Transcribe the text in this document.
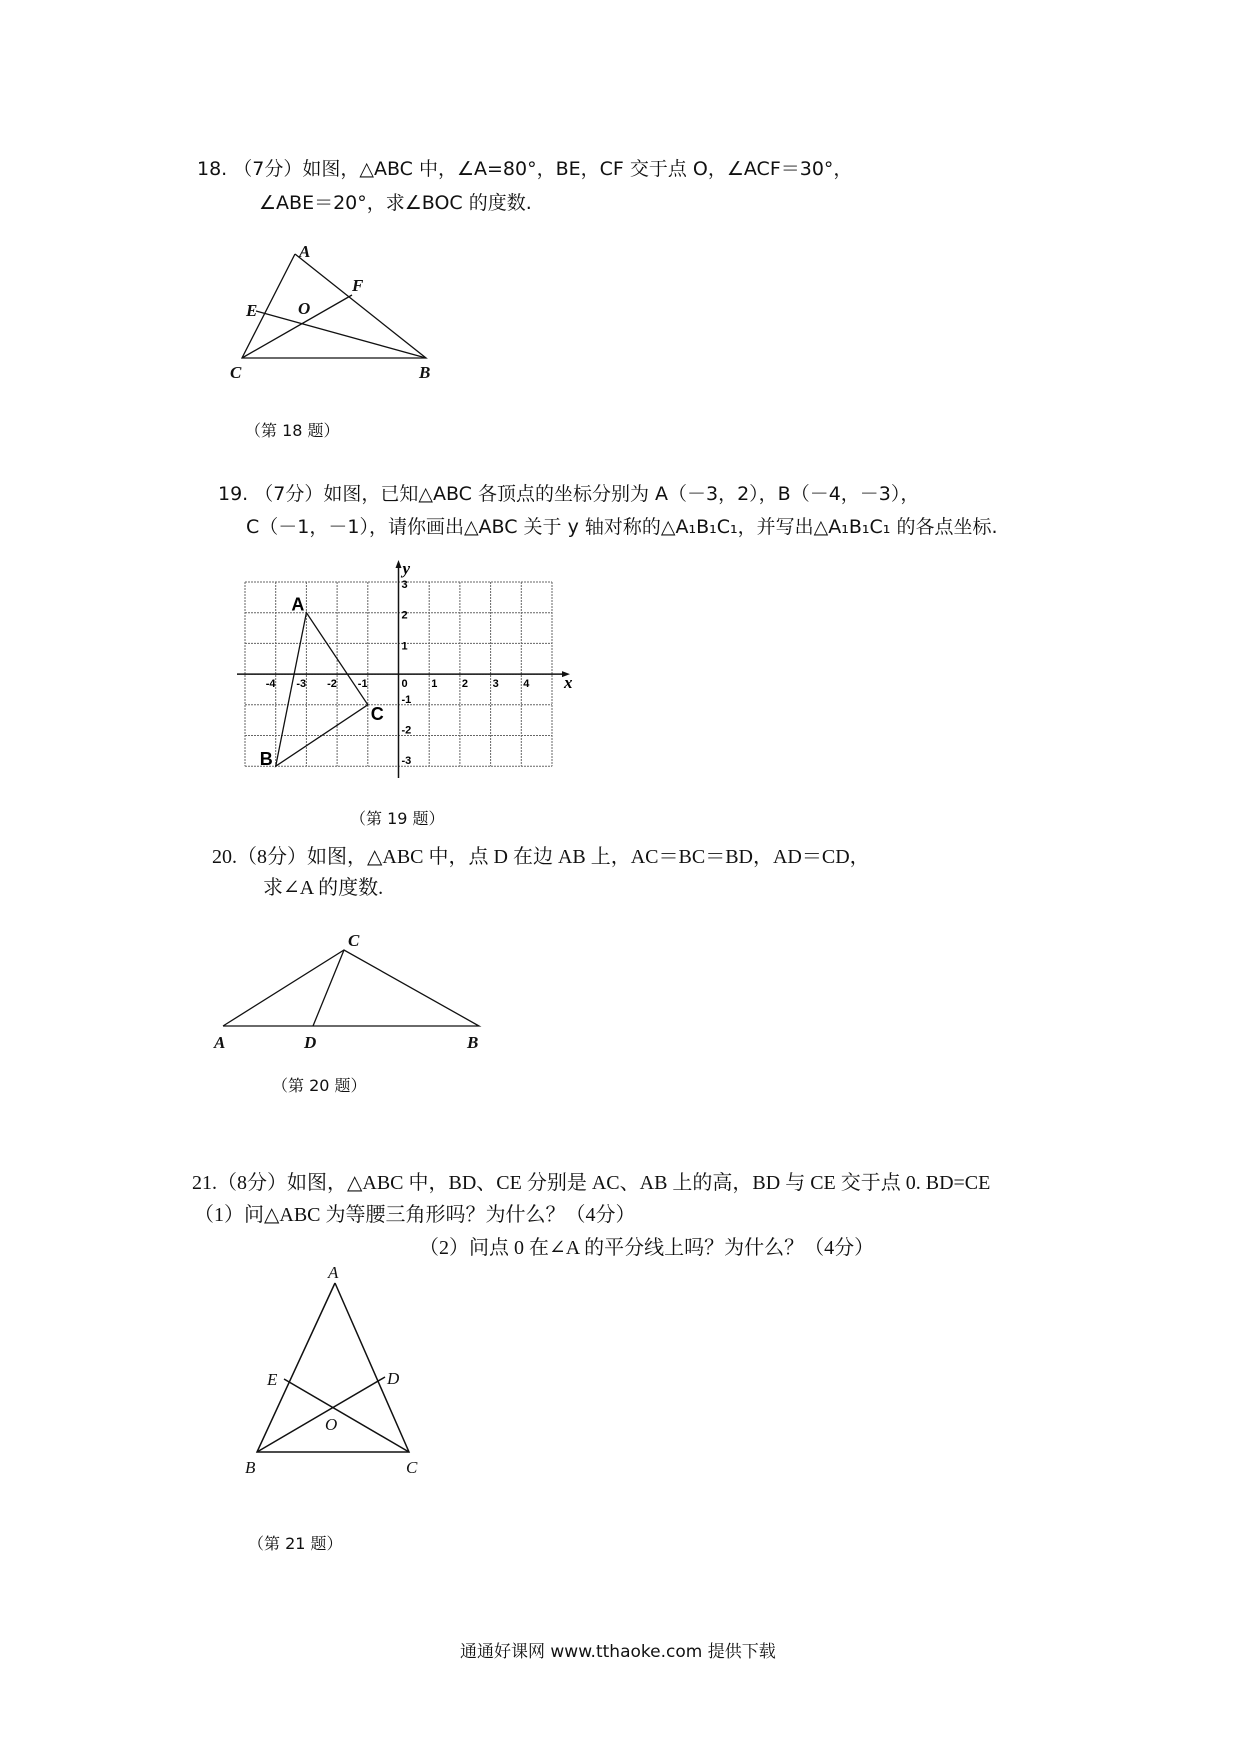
18. （7分）如图，△ABC 中，∠A=80°，BE，CF 交于点 O，∠ACF＝30°，
∠ABE＝20°，求∠BOC 的度数.
（第 18 题）
19. （7分）如图，已知△ABC 各顶点的坐标分别为 A（－3，2），B（－4，－3），
C（－1，－1），请你画出△ABC 关于 y 轴对称的△A₁B₁C₁，并写出△A₁B₁C₁ 的各点坐标.
（第 19 题）
20.（8分）如图，△ABC 中，点 D 在边 AB 上，AC＝BC＝BD，AD＝CD，
求∠A 的度数.
（第 20 题）
21.（8分）如图，△ABC 中，BD、CE 分别是 AC、AB 上的高，BD 与 CE 交于点 0. BD=CE
（1）问△ABC 为等腰三角形吗？为什么？（4分）
（2）问点 0 在∠A 的平分线上吗？为什么？（4分）
（第 21 题）
通通好课网 www.tthaoke.com 提供下载
A
B
C
E
F
O
x
y
0
-4 -3 -2 -1	1 2 3 4
3
2
1
-1
-2
-3
A
B
C
A	D	B
C
A
B	C
E	D
O
